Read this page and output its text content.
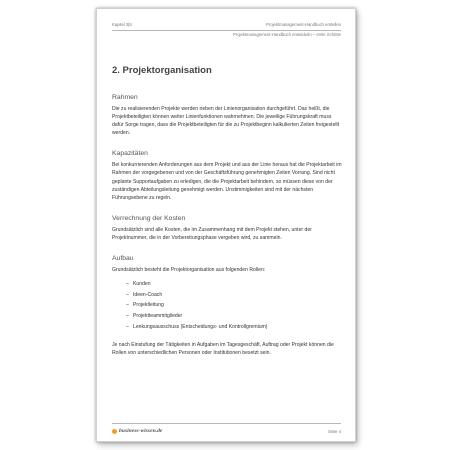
Kapitel 3|8	Projektmanagement-Handbuch erstellen
Projektmanagement-Handbuch entwickeln – erste Schritte
2. Projektorganisation
Rahmen

Die zu realisierenden Projekte werden neben der Linienorganisation durchgeführt. Das heißt, die Projektbeteiligten können weiter Linienfunktionen wahrnehmen. Die jeweilige Führungskraft muss dafür Sorge tragen, dass die Projektbeteiligten für die zu Projektbeginn kalkulierten Zeiten freigestellt werden.

Kapazitäten

Bei konkurrierenden Anforderungen aus dem Projekt und aus der Linie heraus hat die Projektarbeit im Rahmen der vorgegebenen und von der Geschäftsführung genehmigten Zeiten Vorrang. Sind nicht geplante Supportaufgaben zu erledigen, die die Projektarbeit behindern, so müssen diese von der zuständigen Abteilungsleitung genehmigt werden. Unstimmigkeiten sind mit der nächsten Führungsebene zu regeln.

Verrechnung der Kosten

Grundsätzlich sind alle Kosten, die im Zusammenhang mit dem Projekt stehen, unter der Projektnummer, die in der Vorbereitungsphase vergeben wird, zu sammeln.

Aufbau

Grundsätzlich besteht die Projektorganisation aus folgenden Rollen:

– Kunden
– Ideen-Coach
– Projektleitung
– Projektteammitglieder
– Lenkungsausschuss (Entscheidungs- und Kontrollgremium)

Je nach Einstufung der Tätigkeiten in Aufgaben im Tagesgeschäft, Auftrag oder Projekt können die Rollen von unterschiedlichen Personen oder Institutionen besetzt sein.

business-wissen.de	Seite 4
